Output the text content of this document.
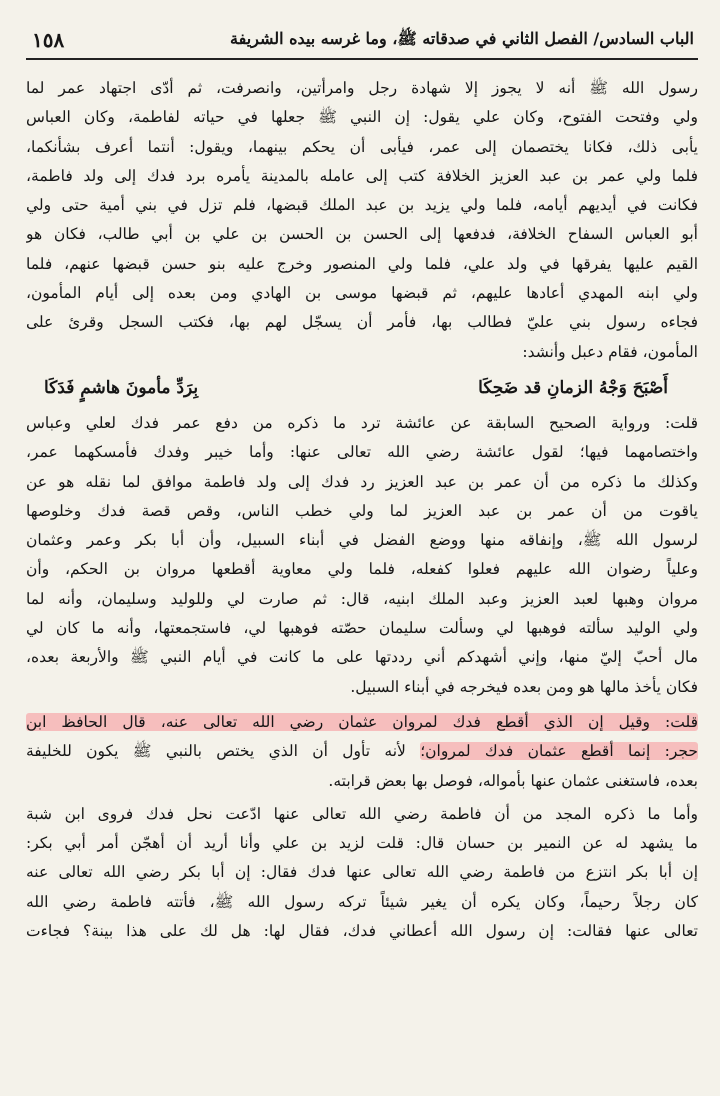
الباب السادس/ الفصل الثاني في صدقاته ﷺ، وما غرسه بيده الشريفة
١٥٨
رسول الله ﷺ أنه لا يجوز إلا شهادة رجل وامرأتين، وانصرفت، ثم أدّى اجتهاد عمر لما
ولي وفتحت الفتوح، وكان علي يقول: إن النبي ﷺ جعلها في حياته لفاطمة، وكان العباس
يأبى ذلك، فكانا يختصمان إلى عمر، فيأبى أن يحكم بينهما، ويقول: أنتما أعرف بشأنكما،
فلما ولي عمر بن عبد العزيز الخلافة كتب إلى عامله بالمدينة يأمره برد فدك إلى ولد فاطمة،
فكانت في أيديهم أيامه، فلما ولي يزيد بن عبد الملك قبضها، فلم تزل في بني أمية حتى ولي
أبو العباس السفاح الخلافة، فدفعها إلى الحسن بن الحسن بن علي بن أبي طالب، فكان هو
القيم عليها يفرقها في ولد علي، فلما ولي المنصور وخرج عليه بنو حسن قبضها عنهم، فلما
ولي ابنه المهدي أعادها عليهم، ثم قبضها موسى بن الهادي ومن بعده إلى أيام المأمون،
فجاءه رسول بني عليّ فطالب بها، فأمر أن يسجّل لهم بها، فكتب السجل وقرئ على
المأمون، فقام دعبل وأنشد:
أَصْبَحَ وَجْهُ الزمانِ قد ضَحِكَا
بِرَدِّ مأمونَ هاشمٍ فَدَكَا
قلت: ورواية الصحيح السابقة عن عائشة ترد ما ذكره من دفع عمر فدك لعلي وعباس
واختصامهما فيها؛ لقول عائشة رضي الله تعالى عنها: وأما خيبر وفدك فأمسكهما عمر،
وكذلك ما ذكره من أن عمر بن عبد العزيز رد فدك إلى ولد فاطمة موافق لما نقله هو عن
ياقوت من أن عمر بن عبد العزيز لما ولي خطب الناس، وقص قصة فدك وخلوصها
لرسول الله ﷺ، وإنفاقه منها ووضع الفضل في أبناء السبيل، وأن أبا بكر وعمر وعثمان
وعلياً رضوان الله عليهم فعلوا كفعله، فلما ولي معاوية أقطعها مروان بن الحكم، وأن
مروان وهبها لعبد العزيز وعبد الملك ابنيه، قال: ثم صارت لي وللوليد وسليمان، وأنه لما
ولي الوليد سألته فوهبها لي وسألت سليمان حصّته فوهبها لي، فاستجمعتها، وأنه ما كان لي
مال أحبّ إليّ منها، وإني أشهدكم أني رددتها على ما كانت في أيام النبي ﷺ والأربعة بعده،
فكان يأخذ مالها هو ومن بعده فيخرجه في أبناء السبيل.
قلت: وقيل إن الذي أقطع فدك لمروان عثمان رضي الله تعالى عنه، قال الحافظ ابن
حجر: إنما أقطع عثمان فدك لمروان؛ لأنه تأول أن الذي يختص بالنبي ﷺ يكون للخليفة
بعده، فاستغنى عثمان عنها بأمواله، فوصل بها بعض قرابته.
وأما ما ذكره المجد من أن فاطمة رضي الله تعالى عنها ادّعت نحل فدك فروى ابن شبة
ما يشهد له عن النمير بن حسان قال: قلت لزيد بن علي وأنا أريد أن أهجّن أمر أبي بكر:
إن أبا بكر انتزع من فاطمة رضي الله تعالى عنها فدك فقال: إن أبا بكر رضي الله تعالى عنه
كان رجلاً رحيماً، وكان يكره أن يغير شيئاً تركه رسول الله ﷺ، فأتته فاطمة رضي الله
تعالى عنها فقالت: إن رسول الله أعطاني فدك، فقال لها: هل لك على هذا بينة؟ فجاءت
